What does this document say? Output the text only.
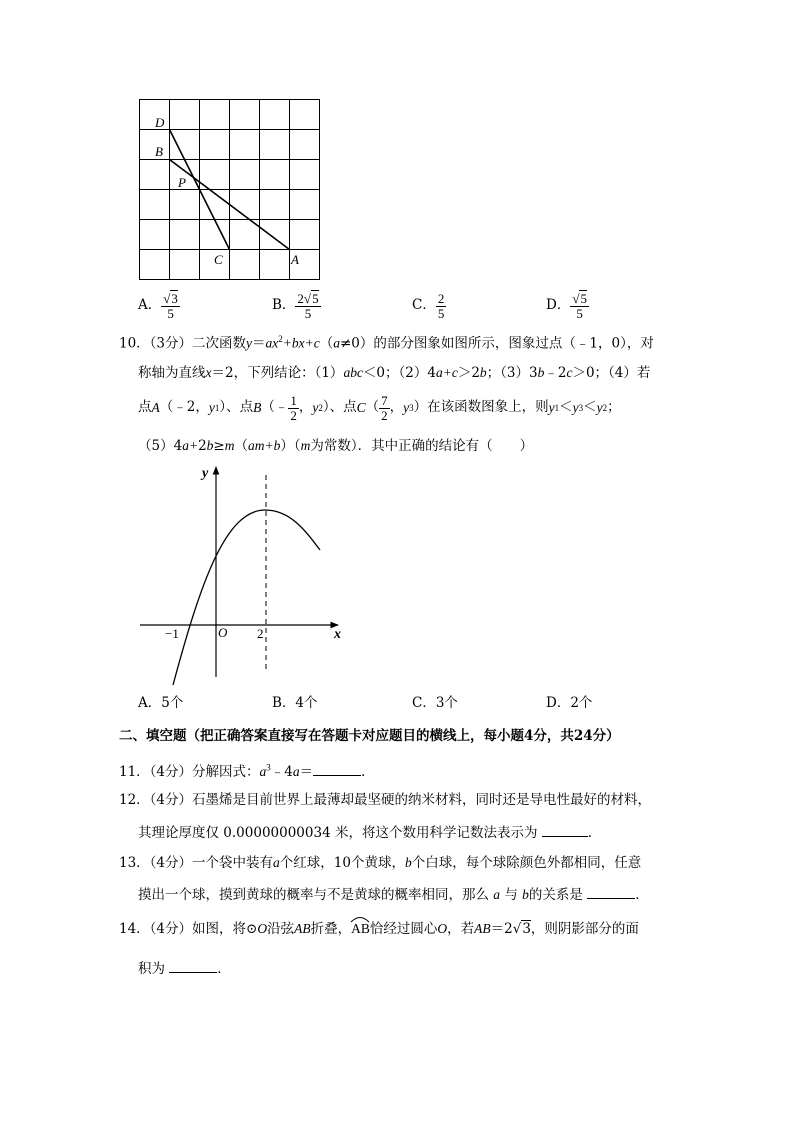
D
B
P
C	A
A． $\frac{√3}{5}$	B． $\frac{2√5}{5}$	C． $\frac{2}{5}$	D． $\frac{√5}{5}$
10．（3分）二次函数$y=ax^2+bx+c(a\ne 0)$的部分图象如图所示，图象过点（﹣1，0），对
称轴为直线x＝2，下列结论：（1）abc＜0；（2）4a+c＞2b；（3）3b﹣2c＞0；（4）若
点 A （﹣2， y 1 ）、点 B （﹣ $\frac{1}{2}$ ， y 2 ）、点 C （ $\frac{7}{2}$ ， y 3 ）在该函数图象上，则 y 1 ＜ y 3 ＜ y 2 ；
（5）4a+2b≥m（am+b）（m为常数）．其中正确的结论有（　　）
y
x
O
−1	2
A．5个	B．4个	C．3个	D．2个
二、填空题（把正确答案直接写在答题卡对应题目的横线上，每小题4分，共24分）
11．（4分）分解因式：$a^3﹣4a=$	．
12．（4分）石墨烯是目前世界上最薄却最坚硬的纳米材料，同时还是导电性最好的材料，
其理论厚度仅 0.00000000034 米，将这个数用科学记数法表示为	．
13．（4分）一个袋中装有a个红球，10个黄球，b个白球，每个球除颜色外都相同，任意
摸出一个球，摸到黄球的概率与不是黄球的概率相同，那么 a 与 b的关系是	．
14．（4分）如图，将⊙O沿弦AB折叠，
AB恰经过圆心O，若AB＝2√3，则阴影部分的面
积为	．
